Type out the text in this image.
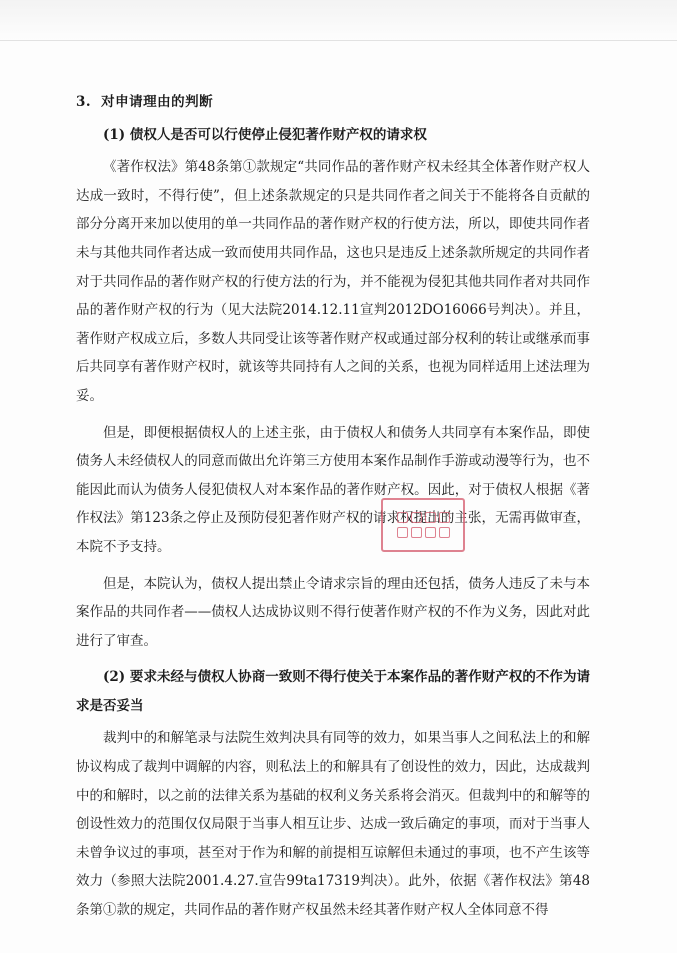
3. 对申请理由的判断
(1) 债权人是否可以行使停止侵犯著作财产权的请求权

《著作权法》第48条第①款规定“共同作品的著作财产权未经其全体著作财产权人达成一致时，不得行使”，但上述条款规定的只是共同作者之间关于不能将各自贡献的部分分离开来加以使用的单一共同作品的著作财产权的行使方法，所以，即使共同作者未与其他共同作者达成一致而使用共同作品，这也只是违反上述条款所规定的共同作者对于共同作品的著作财产权的行使方法的行为，并不能视为侵犯其他共同作者对共同作品的著作财产权的行为（见大法院2014.12.11宣判2012DO16066号判决）。并且，著作财产权成立后，多数人共同受让该等著作财产权或通过部分权利的转让或继承而事后共同享有著作财产权时，就该等共同持有人之间的关系，也视为同样适用上述法理为妥。

但是，即便根据债权人的上述主张，由于债权人和债务人共同享有本案作品，即使债务人未经债权人的同意而做出允许第三方使用本案作品制作手游或动漫等行为，也不能因此而认为债务人侵犯债权人对本案作品的著作财产权。因此，对于债权人根据《著作权法》第123条之停止及预防侵犯著作财产权的请求权提出的主张，无需再做审查，本院不予支持。

但是，本院认为，债权人提出禁止令请求宗旨的理由还包括，债务人违反了未与本案作品的共同作者——债权人达成协议则不得行使著作财产权的不作为义务，因此对此进行了审查。

(2) 要求未经与债权人协商一致则不得行使关于本案作品的著作财产权的不作为请求是否妥当

裁判中的和解笔录与法院生效判决具有同等的效力，如果当事人之间私法上的和解协议构成了裁判中调解的内容，则私法上的和解具有了创设性的效力，因此，达成裁判中的和解时，以之前的法律关系为基础的权利义务关系将会消灭。但裁判中的和解等的创设性效力的范围仅仅局限于当事人相互让步、达成一致后确定的事项，而对于当事人未曾争议过的事项，甚至对于作为和解的前提相互谅解但未通过的事项，也不产生该等效力（参照大法院2001.4.27.宣告99ta17319判决）。此外，依据《著作权法》第48条第①款的规定，共同作品的著作财产权虽然未经其著作财产权人全体同意不得
